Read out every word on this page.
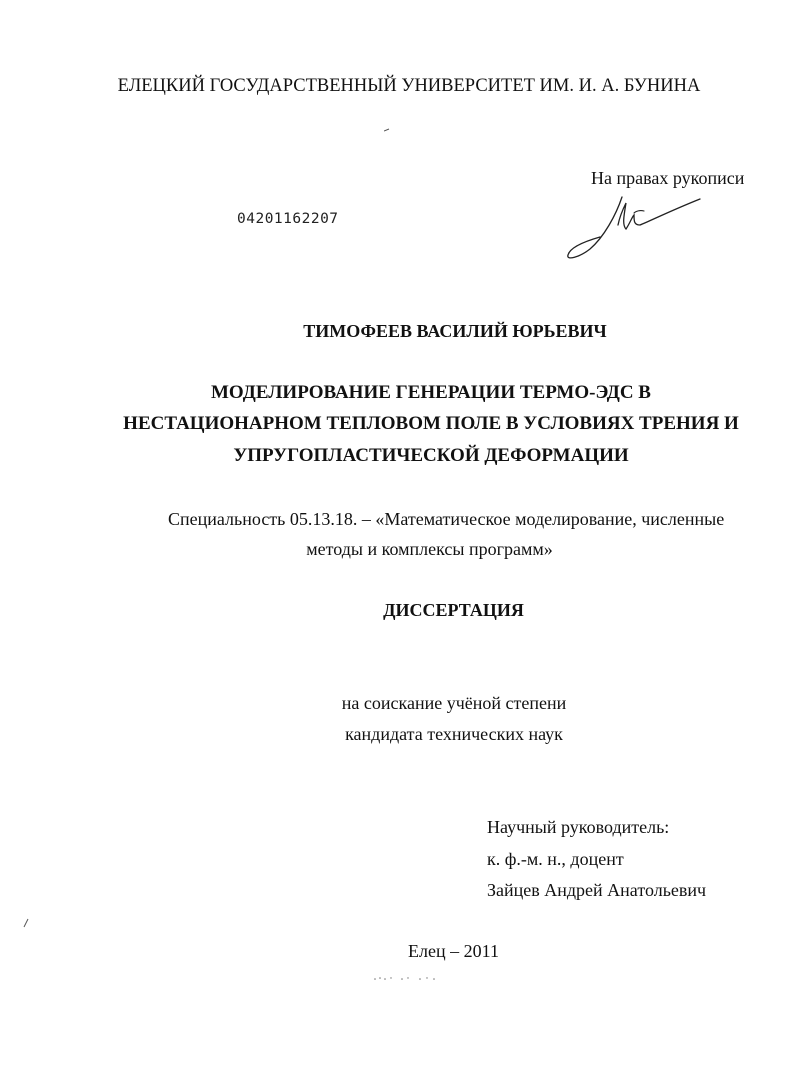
ЕЛЕЦКИЙ ГОСУДАРСТВЕННЫЙ УНИВЕРСИТЕТ ИМ. И. А. БУНИНА

На правах рукописи

04201162207

ТИМОФЕЕВ ВАСИЛИЙ ЮРЬЕВИЧ

МОДЕЛИРОВАНИЕ ГЕНЕРАЦИИ ТЕРМО-ЭДС В

НЕСТАЦИОНАРНОМ ТЕПЛОВОМ ПОЛЕ В УСЛОВИЯХ ТРЕНИЯ И

УПРУГОПЛАСТИЧЕСКОЙ ДЕФОРМАЦИИ

Специальность 05.13.18. – «Математическое моделирование, численные

методы и комплексы программ»

ДИССЕРТАЦИЯ

на соискание учёной степени

кандидата технических наук

Научный руководитель:

к. ф.-м. н., доцент

Зайцев Андрей Анатольевич

Елец – 2011
